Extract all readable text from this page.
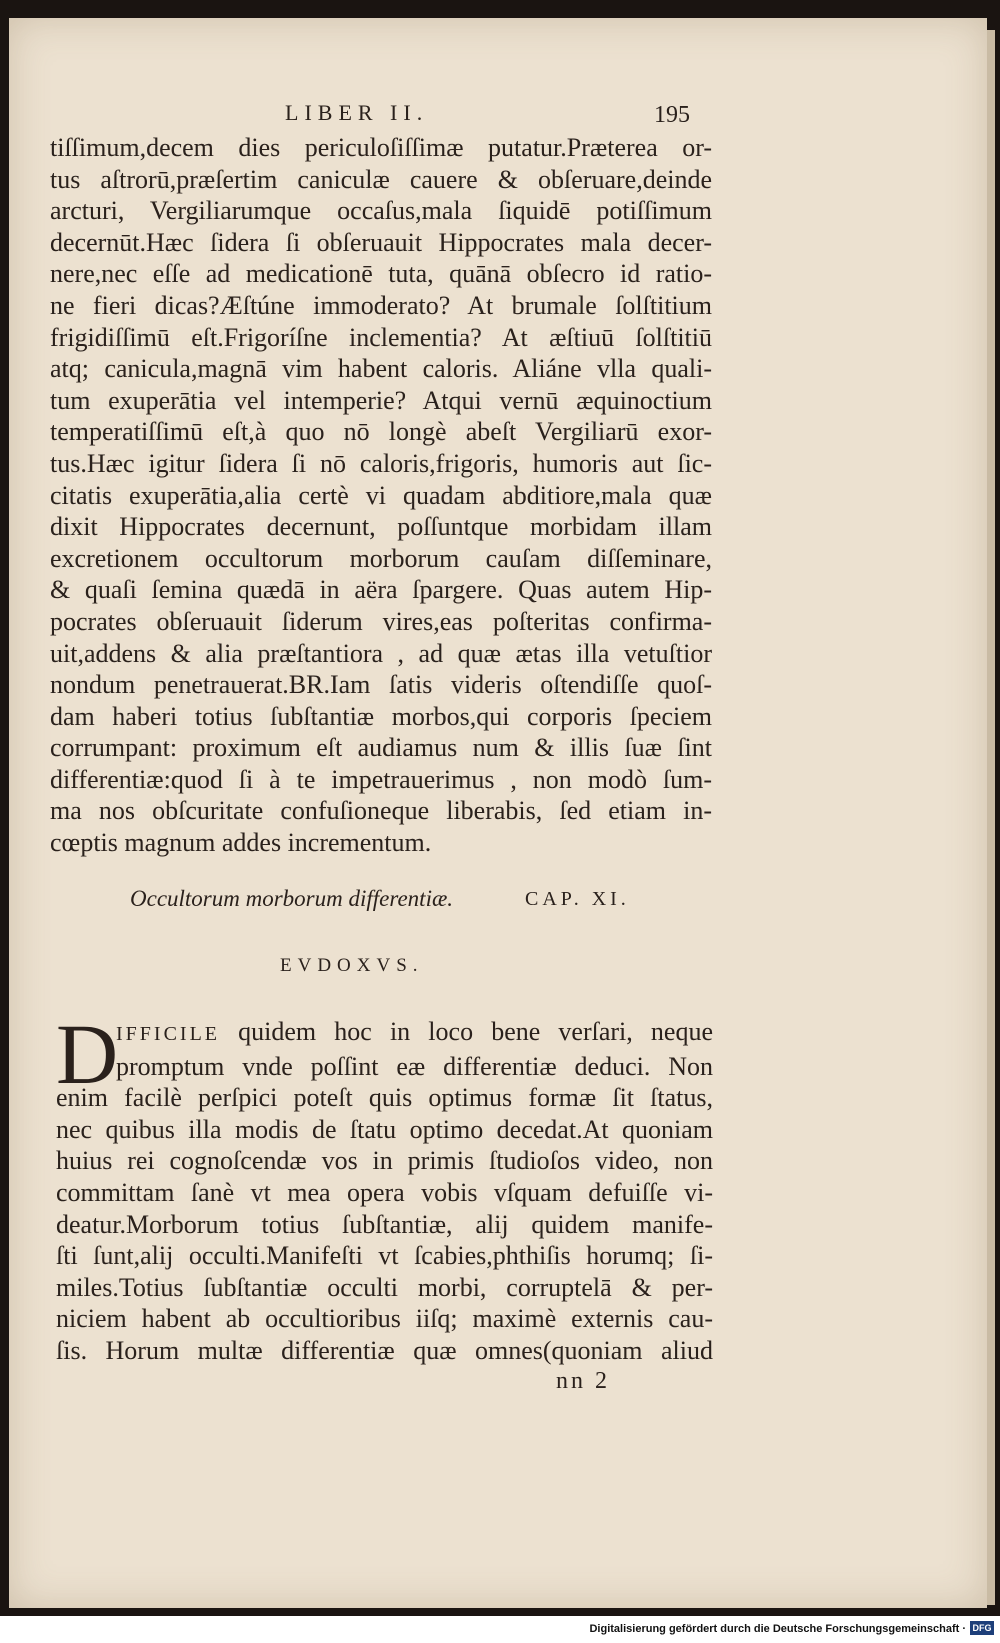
LIBER II.	195
tiſſimum,decem dies periculoſiſſimæ putatur.Præterea or-
tus aſtrorū,præſertim caniculæ cauere & obſeruare,deinde
arcturi, Vergiliarumque occaſus,mala ſiquidē potiſſimum
decernūt.Hæc ſidera ſi obſeruauit Hippocrates mala decer-
nere,nec eſſe ad medicationē tuta, quānā obſecro id ratio-
ne fieri dicas?Æſtúne immoderato? At brumale ſolſtitium
frigidiſſimū eſt.Frigoríſne inclementia? At æſtiuū ſolſtitiū
atq; canicula,magnā vim habent caloris. Aliáne vlla quali-
tum exuperātia vel intemperie? Atqui vernū æquinoctium
temperatiſſimū eſt,à quo nō longè abeſt Vergiliarū exor-
tus.Hæc igitur ſidera ſi nō caloris,frigoris, humoris aut ſic-
citatis exuperātia,alia certè vi quadam abditiore,mala quæ
dixit Hippocrates decernunt, poſſuntque morbidam illam
excretionem occultorum morborum cauſam diſſeminare,
& quaſi ſemina quædā in aëra ſpargere. Quas autem Hip-
pocrates obſeruauit ſiderum vires,eas poſteritas confirma-
uit,addens & alia præſtantiora , ad quæ ætas illa vetuſtior
nondum penetrauerat.BR.Iam ſatis videris oſtendiſſe quoſ-
dam haberi totius ſubſtantiæ morbos,qui corporis ſpeciem
corrumpant: proximum eſt audiamus num & illis ſuæ ſint
differentiæ:quod ſi à te impetrauerimus , non modò ſum-
ma nos obſcuritate confuſioneque liberabis, ſed etiam in-
cœptis magnum addes incrementum.
Occultorum morborum differentiæ.	CAP. XI.
EVDOXVS.
D
IFFICILE quidem hoc in loco bene verſari, neque
promptum vnde poſſint eæ differentiæ deduci. Non
enim facilè perſpici poteſt quis optimus formæ ſit ſtatus,
nec quibus illa modis de ſtatu optimo decedat.At quoniam
huius rei cognoſcendæ vos in primis ſtudioſos video, non
committam ſanè vt mea opera vobis vſquam defuiſſe vi-
deatur.Morborum totius ſubſtantiæ, alij quidem manife-
ſti ſunt,alij occulti.Manifeſti vt ſcabies,phthiſis horumq; ſi-
miles.Totius ſubſtantiæ occulti morbi, corruptelā & per-
niciem habent ab occultioribus iiſq; maximè externis cau-
ſis. Horum multæ differentiæ quæ omnes(quoniam aliud
nn 2
Digitalisierung gefördert durch die Deutsche Forschungsgemeinschaft · DFG
